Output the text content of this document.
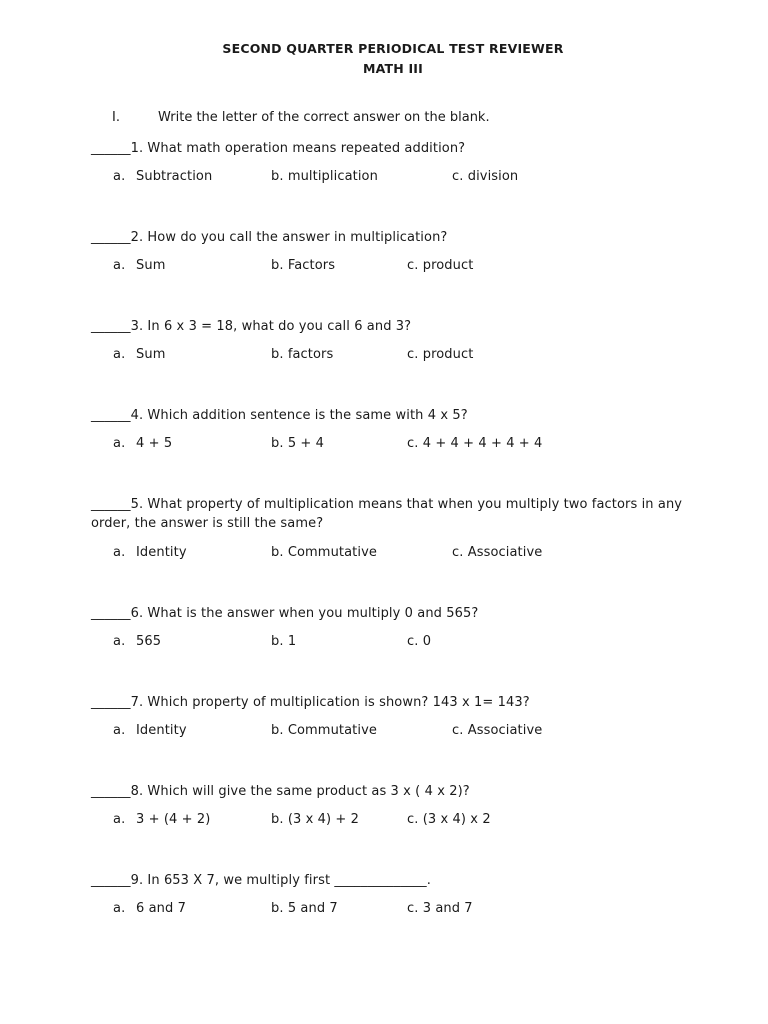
SECOND QUARTER PERIODICAL TEST REVIEWER
MATH III
I.	Write the letter of the correct answer on the blank.
______1. What math operation means repeated addition?
a. Subtraction	b. multiplication	c. division
______2. How do you call the answer in multiplication?
a. Sum	b. Factors	c. product
______3. In 6 x 3 = 18, what do you call 6 and 3?
a. Sum	b. factors	c. product
______4. Which addition sentence is the same with 4 x 5?
a. 4 + 5	b. 5 + 4	c. 4 + 4 + 4 + 4 + 4
______5. What property of multiplication means that when you multiply two factors in any order, the answer is still the same?
a. Identity	b. Commutative	c. Associative
______6. What is the answer when you multiply 0 and 565?
a. 565	b. 1	c. 0
______7. Which property of multiplication is shown? 143 x 1= 143?
a. Identity	b. Commutative	c. Associative
______8. Which will give the same product as 3 x ( 4 x 2)?
a. 3 + (4 + 2)	b. (3 x 4) + 2	c. (3 x 4) x 2
______9. In 653 X 7, we multiply first ______________.
a. 6 and 7	b. 5 and 7	c. 3 and 7
